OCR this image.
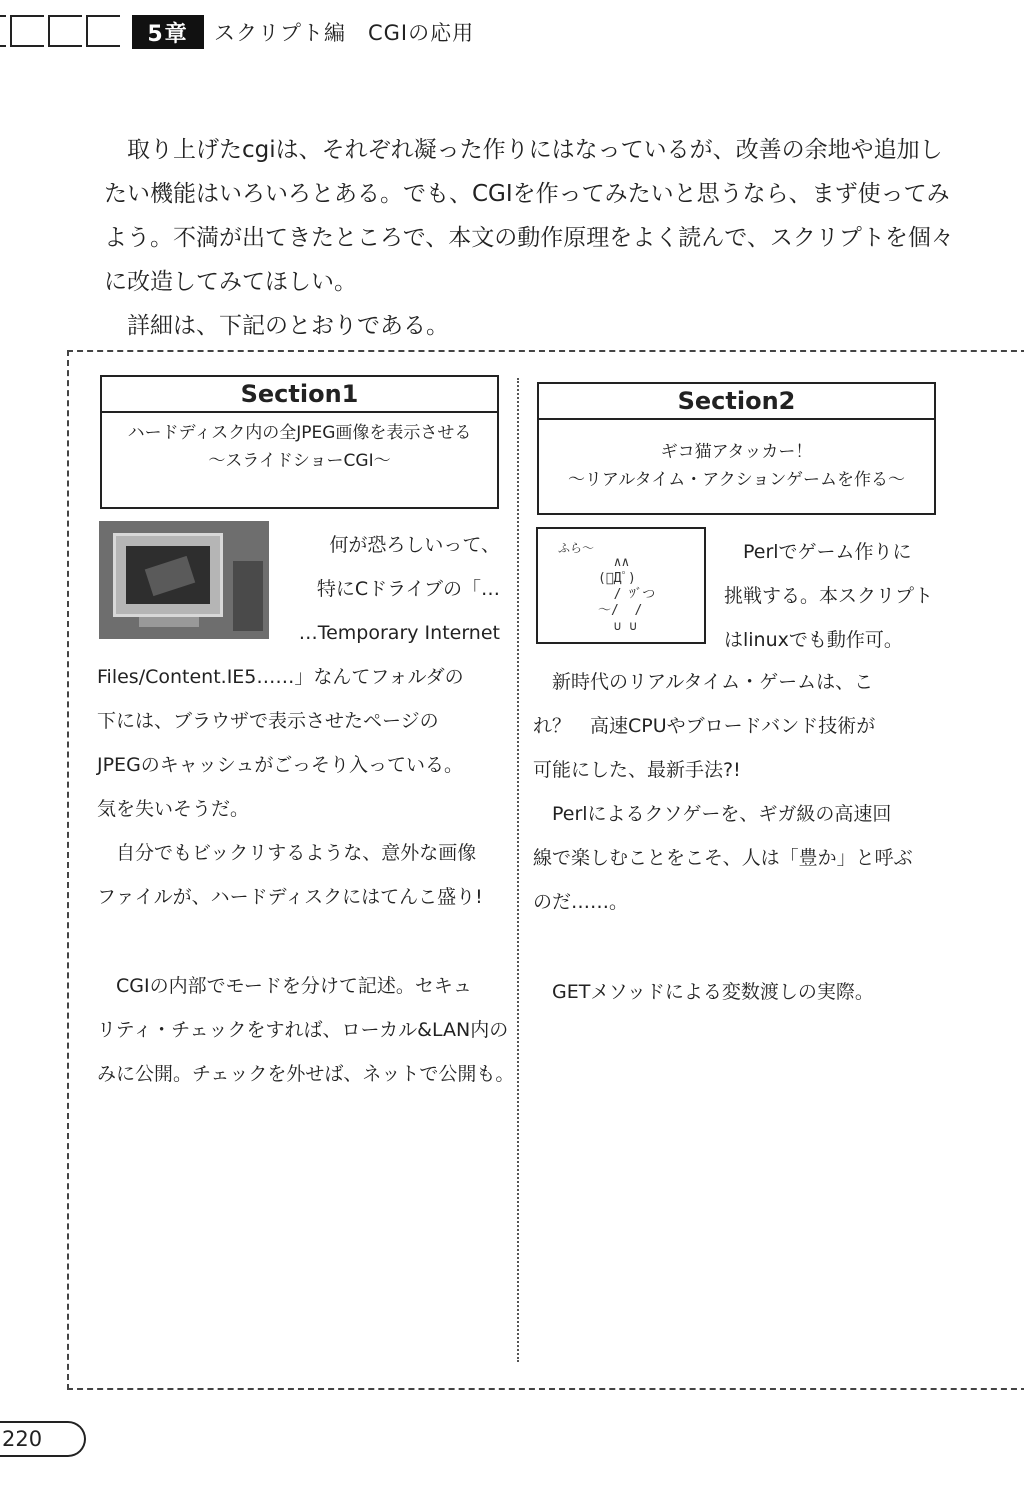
5章	スクリプト編　CGIの応用

取り上げたcgiは、それぞれ凝った作りにはなっているが、改善の余地や追加したい機能はいろいろとある。でも、CGIを作ってみたいと思うなら、まず使ってみよう。不満が出てきたところで、本文の動作原理をよく読んで、スクリプトを個々に改造してみてほしい。

詳細は、下記のとおりである。

Section1
ハードディスク内の全JPEG画像を表示させる
～スライドショーCGI～
Section2
ギコ猫アタッカー！
～リアルタイム・アクションゲームを作る～
ふら～
∧∧
(ﾟДﾟ)
/ ﾂﾞつ
～/  /
∪ ∪

何が恐ろしいって、

特にCドライブの「…

…Temporary Internet

Files/Content.IE5……」なんてフォルダの

下には、ブラウザで表示させたページの

JPEGのキャッシュがごっそり入っている。

気を失いそうだ。

自分でもビックリするような、意外な画像

ファイルが、ハードディスクにはてんこ盛り!

CGIの内部でモードを分けて記述。セキュ

リティ・チェックをすれば、ローカル&LAN内の

みに公開。チェックを外せば、ネットで公開も。

Perlでゲーム作りに

挑戦する。本スクリプト

はlinuxでも動作可。

新時代のリアルタイム・ゲームは、こ

れ？　高速CPUやブロードバンド技術が

可能にした、最新手法?!

Perlによるクソゲーを、ギガ級の高速回

線で楽しむことをこそ、人は「豊か」と呼ぶ

のだ……。

GETメソッドによる変数渡しの実際。

220
